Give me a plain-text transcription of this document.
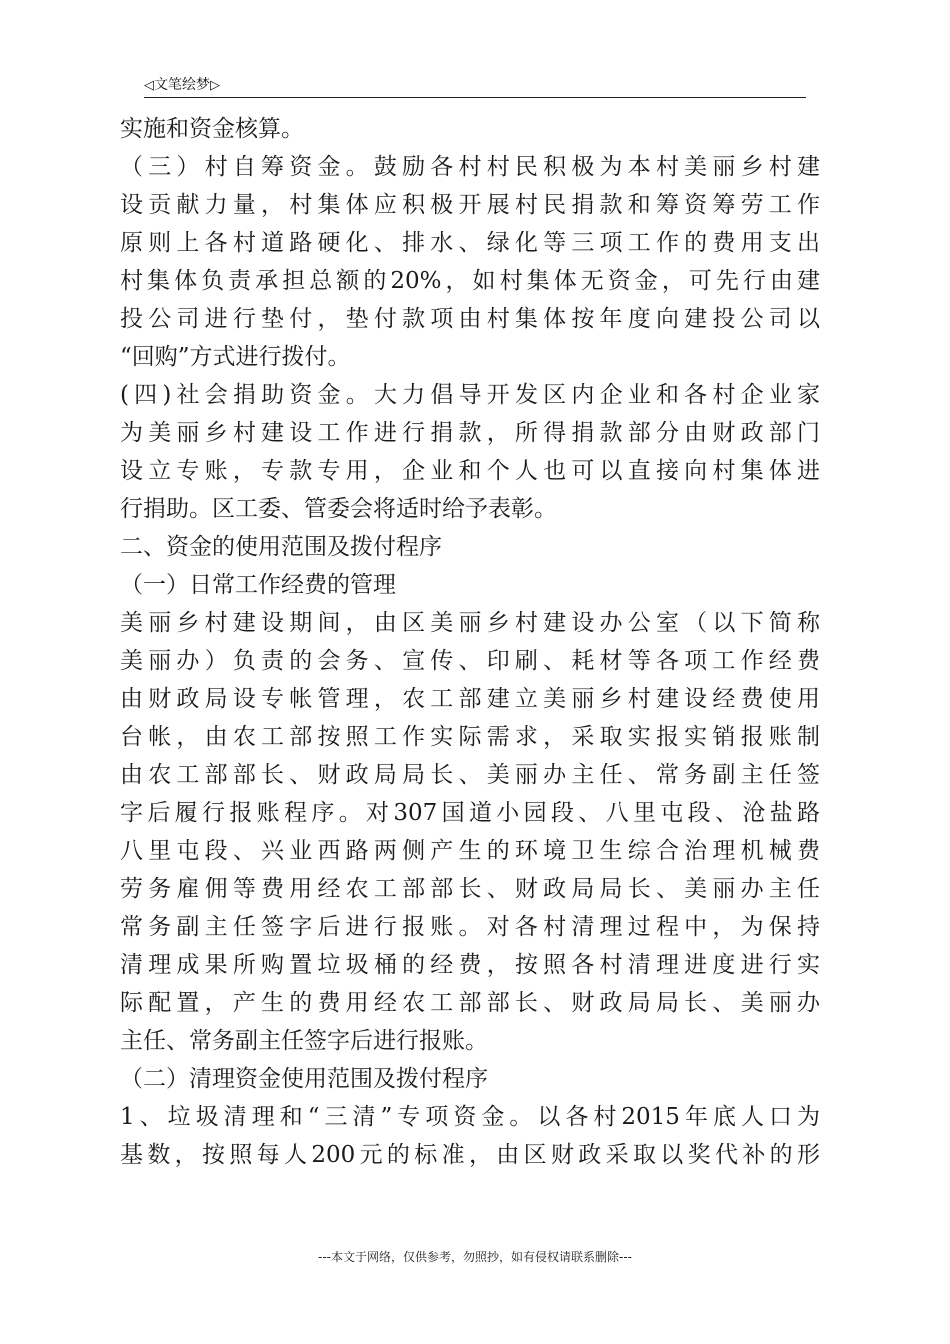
◁文笔绘梦▷
实施和资金核算。
（三）村自筹资金。鼓励各村村民积极为本村美丽乡村建
设贡献力量，村集体应积极开展村民捐款和筹资筹劳工作
原则上各村道路硬化、排水、绿化等三项工作的费用支出
村集体负责承担总额的20%，如村集体无资金，可先行由建
投公司进行垫付，垫付款项由村集体按年度向建投公司以
“回购”方式进行拨付。
(四)社会捐助资金。大力倡导开发区内企业和各村企业家
为美丽乡村建设工作进行捐款，所得捐款部分由财政部门
设立专账，专款专用，企业和个人也可以直接向村集体进
行捐助。区工委、管委会将适时给予表彰。
二、资金的使用范围及拨付程序
（一）日常工作经费的管理
美丽乡村建设期间，由区美丽乡村建设办公室（以下简称
美丽办）负责的会务、宣传、印刷、耗材等各项工作经费
由财政局设专帐管理，农工部建立美丽乡村建设经费使用
台帐，由农工部按照工作实际需求，采取实报实销报账制
由农工部部长、财政局局长、美丽办主任、常务副主任签
字后履行报账程序。对307国道小园段、八里屯段、沧盐路
八里屯段、兴业西路两侧产生的环境卫生综合治理机械费
劳务雇佣等费用经农工部部长、财政局局长、美丽办主任
常务副主任签字后进行报账。对各村清理过程中，为保持
清理成果所购置垃圾桶的经费，按照各村清理进度进行实
际配置，产生的费用经农工部部长、财政局局长、美丽办
主任、常务副主任签字后进行报账。
（二）清理资金使用范围及拨付程序
1、垃圾清理和“三清”专项资金。以各村2015年底人口为
基数，按照每人200元的标准，由区财政采取以奖代补的形
---本文于网络，仅供参考，勿照抄，如有侵权请联系删除---
